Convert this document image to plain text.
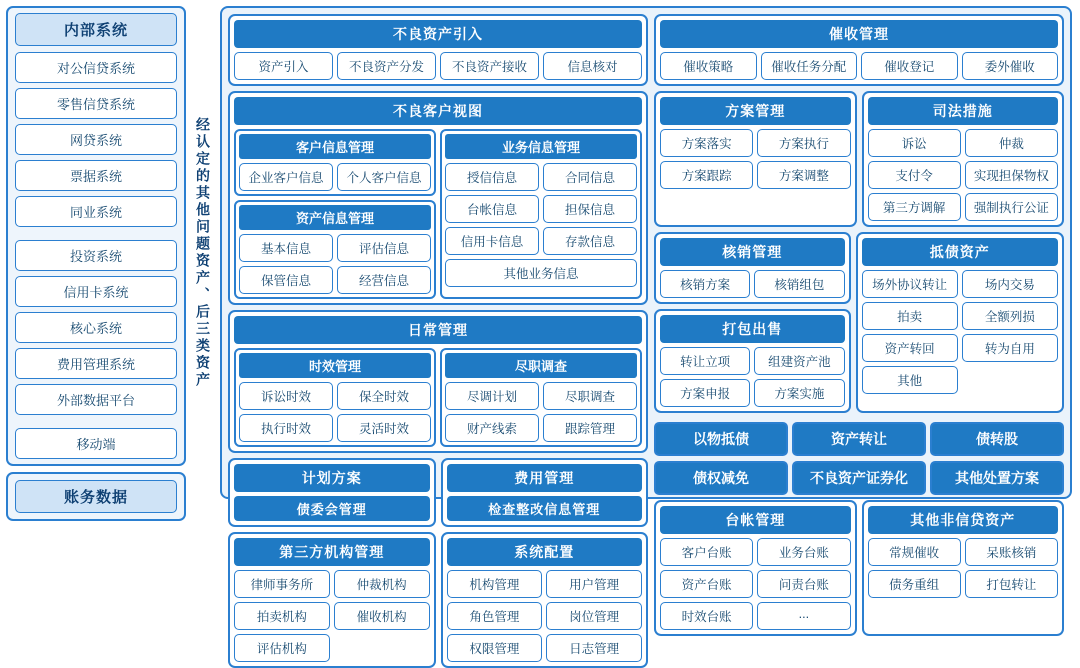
内部系统
对公信贷系统
零售信贷系统
网贷系统
票据系统
同业系统
投资系统
信用卡系统
核心系统
费用管理系统
外部数据平台
移动端
账务数据
经认定的其他问题资产、后三类资产
不良资产引入
资产引入	不良资产分发	不良资产接收	信息核对
不良客户视图
客户信息管理
企业客户信息	个人客户信息
资产信息管理
基本信息	评估信息
保管信息	经营信息
业务信息管理
授信信息	合同信息
台帐信息	担保信息
信用卡信息	存款信息
其他业务信息
日常管理
时效管理
诉讼时效	保全时效
执行时效	灵活时效
尽职调查
尽调计划	尽职调查
财产线索	跟踪管理
计划方案
债委会管理
费用管理
检查整改信息管理
第三方机构管理
律师事务所	仲裁机构
拍卖机构	催收机构
评估机构
系统配置
机构管理	用户管理
角色管理	岗位管理
权限管理	日志管理
催收管理
催收策略	催收任务分配	催收登记	委外催收
方案管理
方案落实	方案执行
方案跟踪	方案调整
司法措施
诉讼	仲裁
支付令	实现担保物权
第三方调解	强制执行公证
核销管理
核销方案	核销组包
打包出售
转让立项	组建资产池
方案申报	方案实施
抵债资产
场外协议转让	场内交易
拍卖	全额列损
资产转回	转为自用
其他
以物抵债
债权减免
资产转让
不良资产证券化
债转股
其他处置方案
台帐管理
客户台账	业务台账
资产台账	问责台账
时效台账	...
其他非信贷资产
常规催收	呆账核销
债务重组	打包转让
